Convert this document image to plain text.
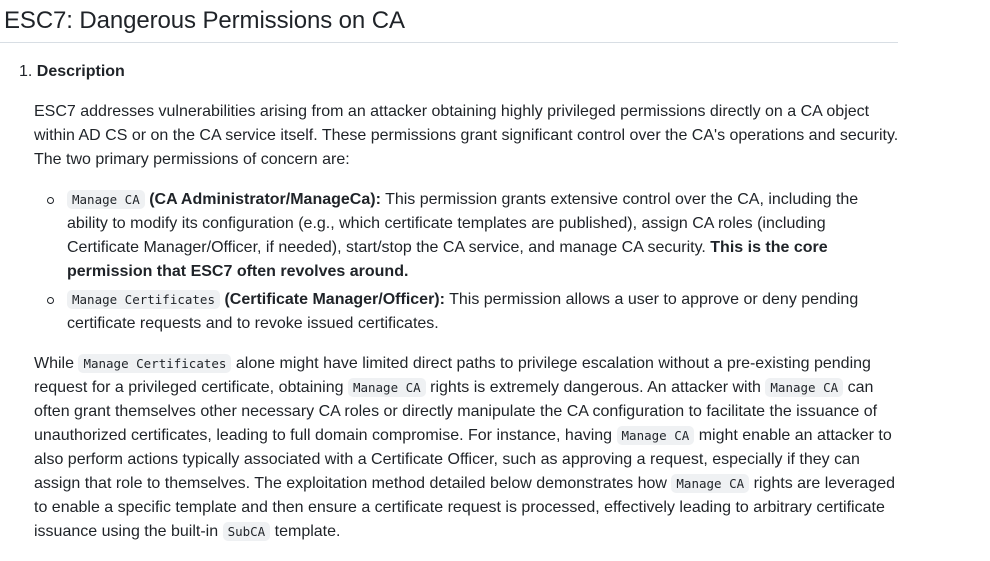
ESC7: Dangerous Permissions on CA
1. Description

ESC7 addresses vulnerabilities arising from an attacker obtaining highly privileged permissions directly on a CA object within AD CS or on the CA service itself. These permissions grant significant control over the CA's operations and security. The two primary permissions of concern are:

Manage CA (CA Administrator/ManageCa): This permission grants extensive control over the CA, including the ability to modify its configuration (e.g., which certificate templates are published), assign CA roles (including Certificate Manager/Officer, if needed), start/stop the CA service, and manage CA security. This is the core permission that ESC7 often revolves around.
Manage Certificates (Certificate Manager/Officer): This permission allows a user to approve or deny pending certificate requests and to revoke issued certificates.

While Manage Certificates alone might have limited direct paths to privilege escalation without a pre-existing pending request for a privileged certificate, obtaining Manage CA rights is extremely dangerous. An attacker with Manage CA can often grant themselves other necessary CA roles or directly manipulate the CA configuration to facilitate the issuance of unauthorized certificates, leading to full domain compromise. For instance, having Manage CA might enable an attacker to also perform actions typically associated with a Certificate Officer, such as approving a request, especially if they can assign that role to themselves. The exploitation method detailed below demonstrates how Manage CA rights are leveraged to enable a specific template and then ensure a certificate request is processed, effectively leading to arbitrary certificate issuance using the built-in SubCA template.
